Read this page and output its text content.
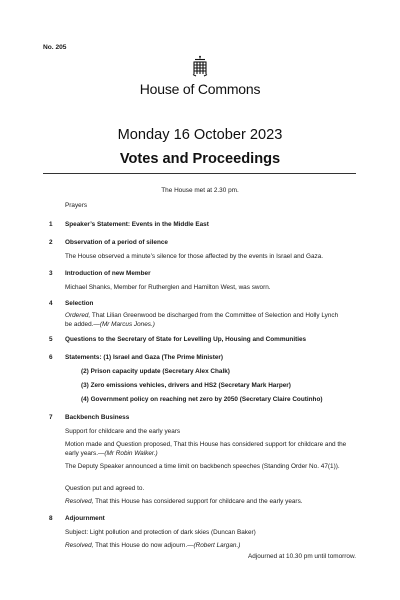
No. 205
House of Commons
Monday 16 October 2023
Votes and Proceedings
The House met at 2.30 pm.
Prayers
1 Speaker’s Statement: Events in the Middle East
2 Observation of a period of silence
The House observed a minute’s silence for those affected by the events in Israel and Gaza.
3 Introduction of new Member
Michael Shanks, Member for Rutherglen and Hamilton West, was sworn.
4 Selection
Ordered, That Lilian Greenwood be discharged from the Committee of Selection and Holly Lynch be added.—(Mr Marcus Jones.)
5 Questions to the Secretary of State for Levelling Up, Housing and Communities
6 Statements: (1) Israel and Gaza (The Prime Minister)
(2) Prison capacity update (Secretary Alex Chalk)
(3) Zero emissions vehicles, drivers and HS2 (Secretary Mark Harper)
(4) Government policy on reaching net zero by 2050 (Secretary Claire Coutinho)
7 Backbench Business
Support for childcare and the early years
Motion made and Question proposed, That this House has considered support for childcare and the early years.—(Mr Robin Walker.)
The Deputy Speaker announced a time limit on backbench speeches (Standing Order No. 47(1)).
Question put and agreed to.
Resolved, That this House has considered support for childcare and the early years.
8 Adjournment
Subject: Light pollution and protection of dark skies (Duncan Baker)
Resolved, That this House do now adjourn.—(Robert Largan.)
Adjourned at 10.30 pm until tomorrow.
